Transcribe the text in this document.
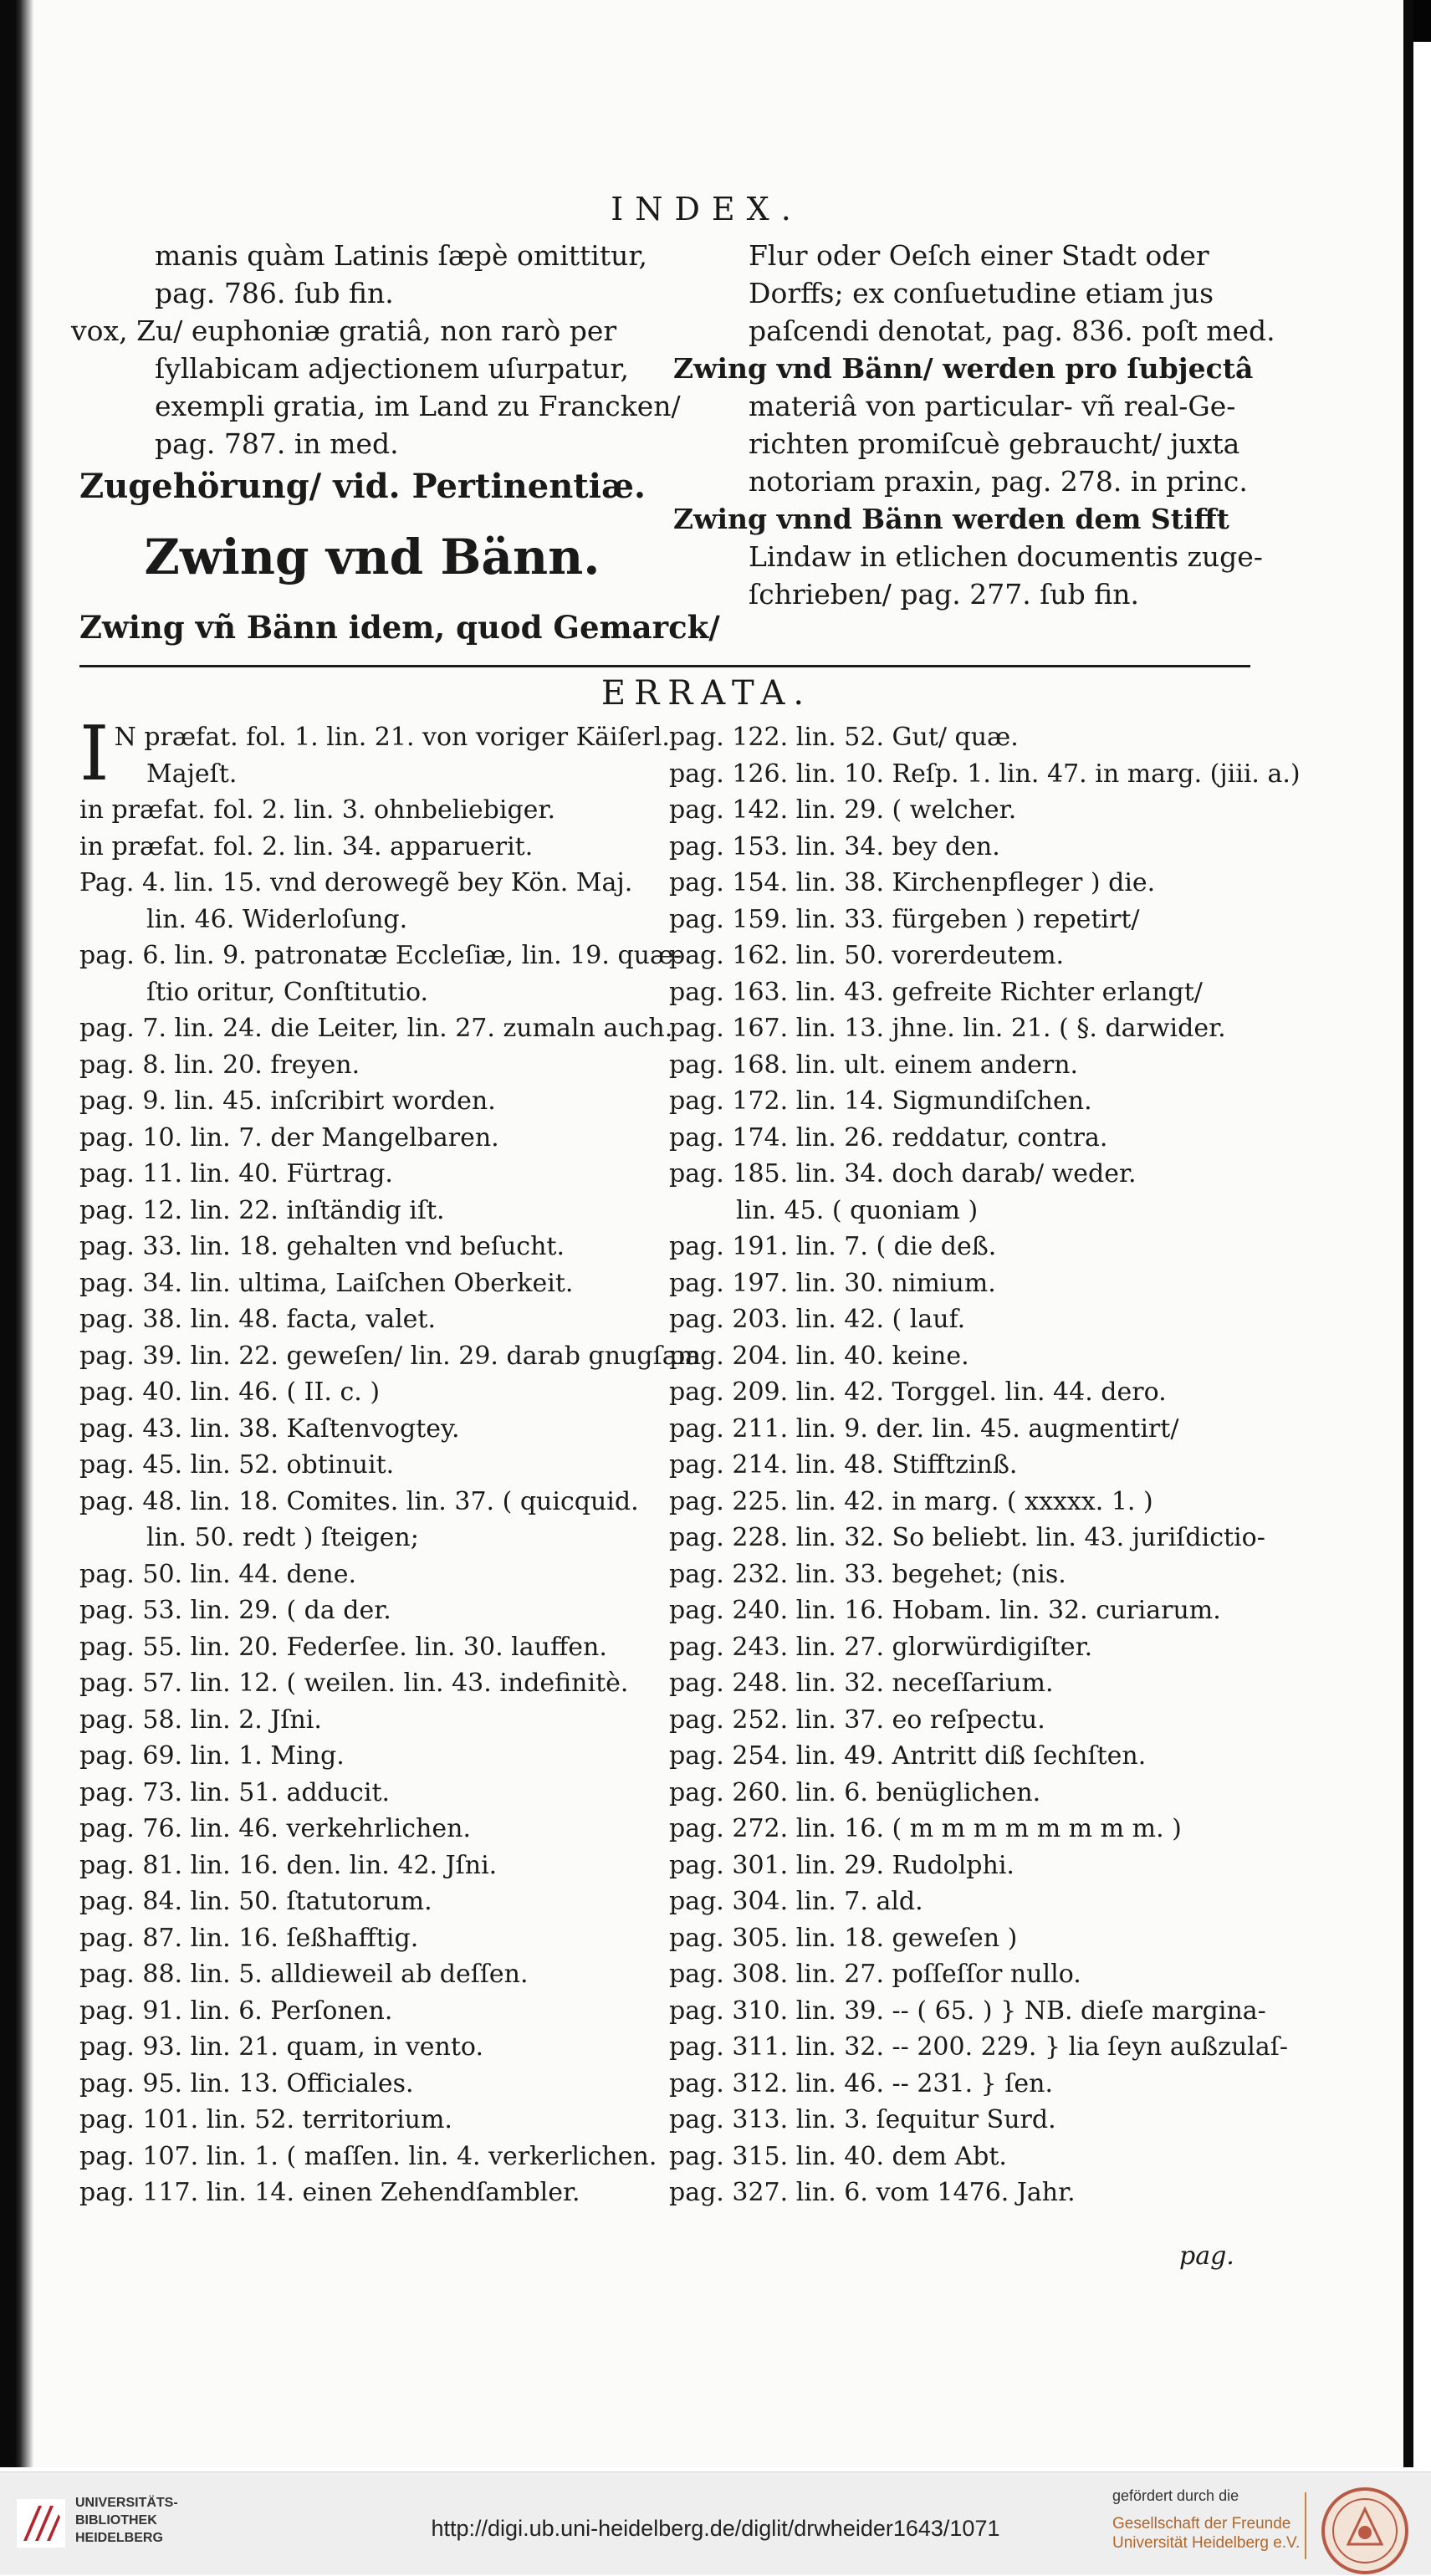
INDEX.

manis quàm Latinis ſæpè omittitur,

pag. 786. ſub fin.

vox, Zu/ euphoniæ gratiâ, non rarò per

ſyllabicam adjectionem uſurpatur,

exempli gratia, im Land zu Francken/

pag. 787. in med.

Zugehörung/ vid. Pertinentiæ.

Zwing vnd Bänn.

Zwing vñ Bänn idem, quod Gemarck/

Flur oder Oeſch einer Stadt oder

Dorffs; ex conſuetudine etiam jus

paſcendi denotat, pag. 836. poſt med.

Zwing vnd Bänn/ werden pro ſubjectâ

materiâ von particular- vñ real-Ge-

richten promiſcuè gebraucht/ juxta

notoriam praxin, pag. 278. in princ.

Zwing vnnd Bänn werden dem Stifft

Lindaw in etlichen documentis zuge-

ſchrieben/ pag. 277. ſub fin.

ERRATA.
I N præfat. fol. 1. lin. 21. von voriger Käiſerl.

Majeſt.

in præfat. fol. 2. lin. 3. ohnbeliebiger.

in præfat. fol. 2. lin. 34. apparuerit.

Pag. 4. lin. 15. vnd derowegẽ bey Kön. Maj.

lin. 46. Widerloſung.

pag. 6. lin. 9. patronatæ Eccleſiæ, lin. 19. quæ-

ſtio oritur, Conſtitutio.

pag. 7. lin. 24. die Leiter, lin. 27. zumaln auch.

pag. 8. lin. 20. freyen.

pag. 9. lin. 45. inſcribirt worden.

pag. 10. lin. 7. der Mangelbaren.

pag. 11. lin. 40. Fürtrag.

pag. 12. lin. 22. inſtändig iſt.

pag. 33. lin. 18. gehalten vnd beſucht.

pag. 34. lin. ultima, Laiſchen Oberkeit.

pag. 38. lin. 48. facta, valet.

pag. 39. lin. 22. geweſen/ lin. 29. darab gnugſam.

pag. 40. lin. 46. ( II. c. )

pag. 43. lin. 38. Kaſtenvogtey.

pag. 45. lin. 52. obtinuit.

pag. 48. lin. 18. Comites. lin. 37. ( quicquid.

lin. 50. redt ) ſteigen;

pag. 50. lin. 44. dene.

pag. 53. lin. 29. ( da der.

pag. 55. lin. 20. Federſee. lin. 30. lauffen.

pag. 57. lin. 12. ( weilen. lin. 43. indefinitè.

pag. 58. lin. 2. Jſni.

pag. 69. lin. 1. Ming.

pag. 73. lin. 51. adducit.

pag. 76. lin. 46. verkehrlichen.

pag. 81. lin. 16. den. lin. 42. Jſni.

pag. 84. lin. 50. ſtatutorum.

pag. 87. lin. 16. ſeßhafftig.

pag. 88. lin. 5. alldieweil ab deſſen.

pag. 91. lin. 6. Perſonen.

pag. 93. lin. 21. quam, in vento.

pag. 95. lin. 13. Officiales.

pag. 101. lin. 52. territorium.

pag. 107. lin. 1. ( maſſen. lin. 4. verkerlichen.

pag. 117. lin. 14. einen Zehendſambler.

pag. 122. lin. 52. Gut/ quæ.

pag. 126. lin. 10. Reſp. 1. lin. 47. in marg. (jiii. a.)

pag. 142. lin. 29. ( welcher.

pag. 153. lin. 34. bey den.

pag. 154. lin. 38. Kirchenpfleger ) die.

pag. 159. lin. 33. fürgeben ) repetirt/

pag. 162. lin. 50. vorerdeutem.

pag. 163. lin. 43. gefreite Richter erlangt/

pag. 167. lin. 13. jhne. lin. 21. ( §. darwider.

pag. 168. lin. ult. einem andern.

pag. 172. lin. 14. Sigmundiſchen.

pag. 174. lin. 26. reddatur, contra.

pag. 185. lin. 34. doch darab/ weder.

lin. 45. ( quoniam )

pag. 191. lin. 7. ( die deß.

pag. 197. lin. 30. nimium.

pag. 203. lin. 42. ( lauf.

pag. 204. lin. 40. keine.

pag. 209. lin. 42. Torggel. lin. 44. dero.

pag. 211. lin. 9. der. lin. 45. augmentirt/

pag. 214. lin. 48. Stifftzinß.

pag. 225. lin. 42. in marg. ( xxxxx. 1. )

pag. 228. lin. 32. So beliebt. lin. 43. juriſdictio-

pag. 232. lin. 33. begehet; (nis.

pag. 240. lin. 16. Hobam. lin. 32. curiarum.

pag. 243. lin. 27. glorwürdigiſter.

pag. 248. lin. 32. neceſſarium.

pag. 252. lin. 37. eo reſpectu.

pag. 254. lin. 49. Antritt diß ſechſten.

pag. 260. lin. 6. benüglichen.

pag. 272. lin. 16. ( m m m m m m m m. )

pag. 301. lin. 29. Rudolphi.

pag. 304. lin. 7. ald.

pag. 305. lin. 18. geweſen )

pag. 308. lin. 27. poſſeſſor nullo.

pag. 310. lin. 39. -- ( 65. ) } NB. dieſe margina-

pag. 311. lin. 32. -- 200. 229. } lia ſeyn außzulaſ-

pag. 312. lin. 46. -- 231. } ſen.

pag. 313. lin. 3. ſequitur Surd.

pag. 315. lin. 40. dem Abt.

pag. 327. lin. 6. vom 1476. Jahr.

pag.
UNIVERSITÄTS-
BIBLIOTHEK
HEIDELBERG	http://digi.ub.uni-heidelberg.de/diglit/drwheider1643/1071
gefördert durch die
Gesellschaft der Freunde
Universität Heidelberg e.V.
